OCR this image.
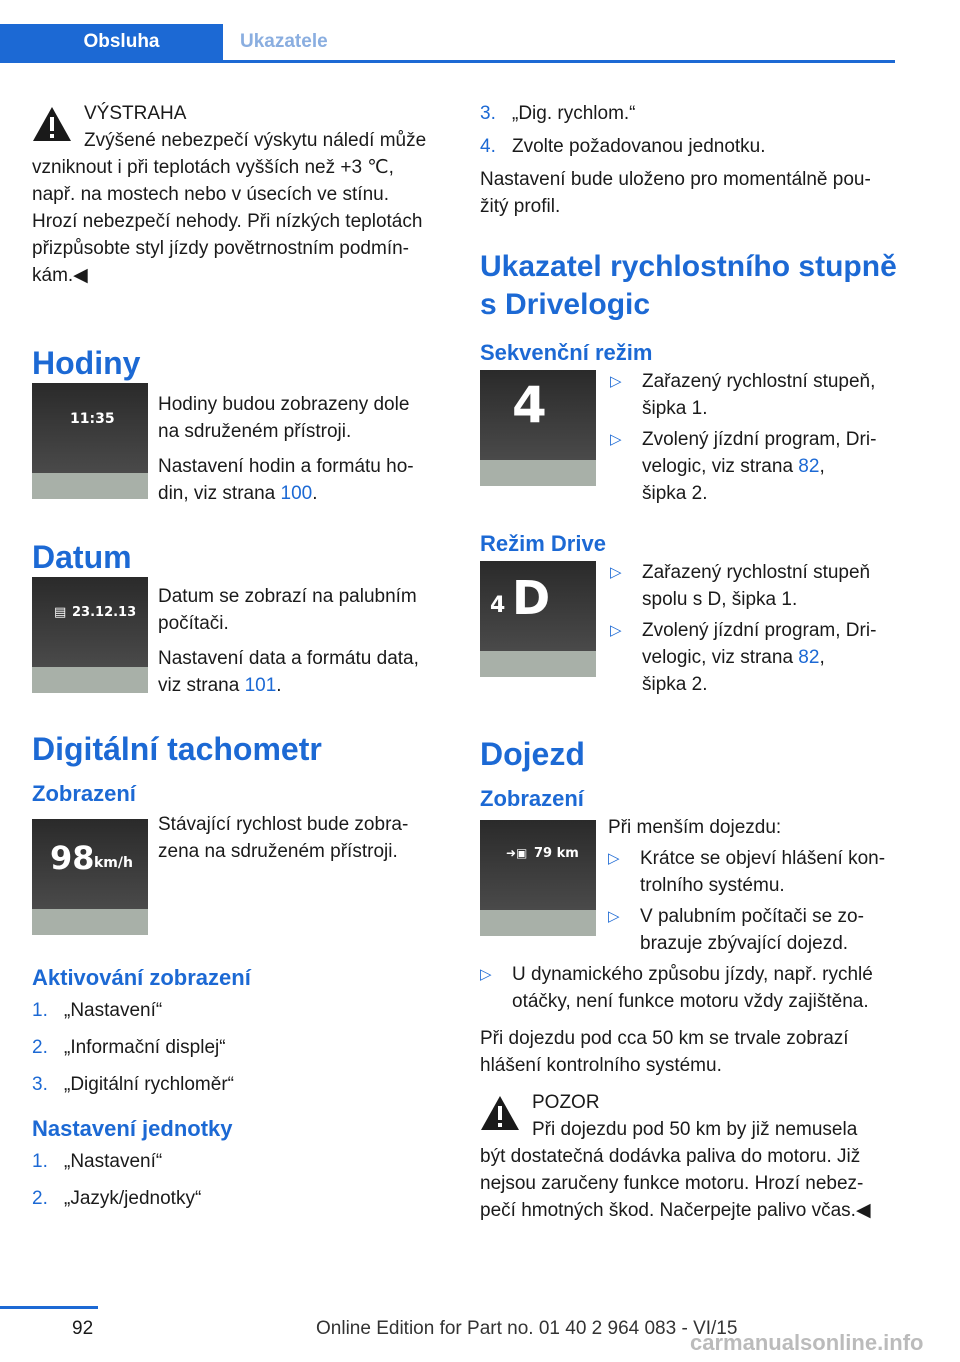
Obsluha	Ukazatele

VÝSTRAHA

Zvýšené nebezpečí výskytu náledí může

vzniknout i při teplotách vyšších než +3 ℃,

např. na mostech nebo v úsecích ve stínu.

Hrozí nebezpečí nehody. Při nízkých teplotách

přizpůsobte styl jízdy povětrnostním podmín‐

kám.◀

Hodiny
11:35

Hodiny budou zobrazeny dole

na sdruženém přístroji.

Nastavení hodin a formátu ho‐

din, viz strana 100.

Datum
▤ 23.12.13

Datum se zobrazí na palubním

počítači.

Nastavení data a formátu data,

viz strana 101.

Digitální tachometr
Zobrazení
98 km/h

Stávající rychlost bude zobra‐

zena na sdruženém přístroji.

Aktivování zobrazení
1. „Nastavení“
2. „Informační displej“
3. „Digitální rychloměr“
Nastavení jednotky
1. „Nastavení“
2. „Jazyk/jednotky“
3. „Dig. rychlom.“
4. Zvolte požadovanou jednotku.

Nastavení bude uloženo pro momentálně pou‐

žitý profil.

Ukazatel rychlostního stupně
s Drivelogic
Sekvenční režim
4	▷ Zařazený rychlostní stupeň,
šipka 1.
▷ Zvolený jízdní program, Dri‐
velogic, viz strana 82,
šipka 2.
Režim Drive
4 D	▷ Zařazený rychlostní stupeň
spolu s D, šipka 1.
▷ Zvolený jízdní program, Dri‐
velogic, viz strana 82,
šipka 2.
Dojezd
Zobrazení
➜▣ 79 km

Při menším dojezdu:

▷ Krátce se objeví hlášení kon‐
trolního systému.
▷ V palubním počítači se zo‐
brazuje zbývající dojezd.
▷ U dynamického způsobu jízdy, např. rychlé
otáčky, není funkce motoru vždy zajištěna.

Při dojezdu pod cca 50 km se trvale zobrazí

hlášení kontrolního systému.

POZOR

Při dojezdu pod 50 km by již nemusela

být dostatečná dodávka paliva do motoru. Již

nejsou zaručeny funkce motoru. Hrozí nebez‐

pečí hmotných škod. Načerpejte palivo včas.◀

92	Online Edition for Part no. 01 40 2 964 083 - VI/15
carmanualsonline.info
